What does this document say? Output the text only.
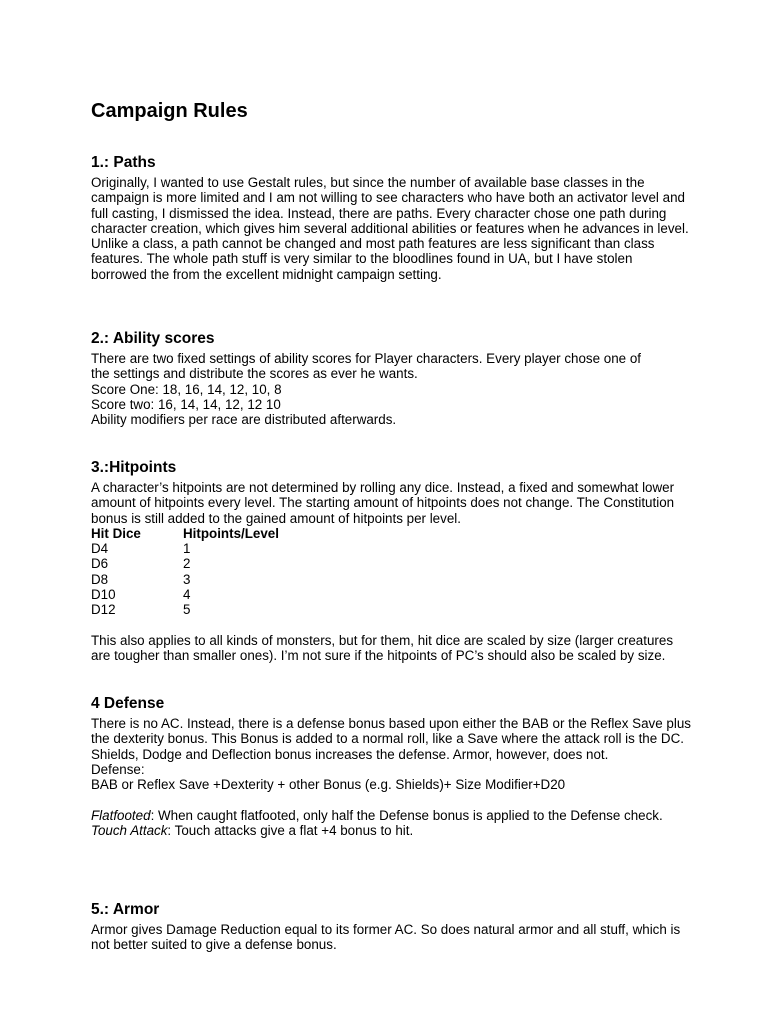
Campaign Rules
1.: Paths

Originally, I wanted to use Gestalt rules, but since the number of available base classes in the campaign is more limited and I am not willing to see characters who have both an activator level and full casting, I dismissed the idea. Instead, there are paths. Every character chose one path during character creation, which gives him several additional abilities or features when he advances in level. Unlike a class, a path cannot be changed and most path features are less significant than class features. The whole path stuff is very similar to the bloodlines found in UA, but I have stolen borrowed the from the excellent midnight campaign setting.

2.: Ability scores
There are two fixed settings of ability scores for Player characters. Every player chose one of
the settings and distribute the scores as ever he wants.
Score One: 18, 16, 14, 12, 10, 8
Score two: 16, 14, 14, 12, 12 10
Ability modifiers per race are distributed afterwards.
3.:Hitpoints

A character’s hitpoints are not determined by rolling any dice. Instead, a fixed and somewhat lower amount of hitpoints every level. The starting amount of hitpoints does not change. The Constitution bonus is still added to the gained amount of hitpoints per level.

Hit Dice	Hitpoints/Level
D4	1
D6	2
D8	3
D10	4
D12	5

This also applies to all kinds of monsters, but for them, hit dice are scaled by size (larger creatures are tougher than smaller ones). I’m not sure if the hitpoints of PC’s should also be scaled by size.

4 Defense

There is no AC. Instead, there is a defense bonus based upon either the BAB or the Reflex Save plus the dexterity bonus. This Bonus is added to a normal roll, like a Save where the attack roll is the DC. Shields, Dodge and Deflection bonus increases the defense. Armor, however, does not.

Defense:
BAB or Reflex Save +Dexterity + other Bonus (e.g. Shields)+ Size Modifier+D20

Flatfooted: When caught flatfooted, only half the Defense bonus is applied to the Defense check.

Touch Attack: Touch attacks give a flat +4 bonus to hit.

5.: Armor

Armor gives Damage Reduction equal to its former AC. So does natural armor and all stuff, which is not better suited to give a defense bonus.
